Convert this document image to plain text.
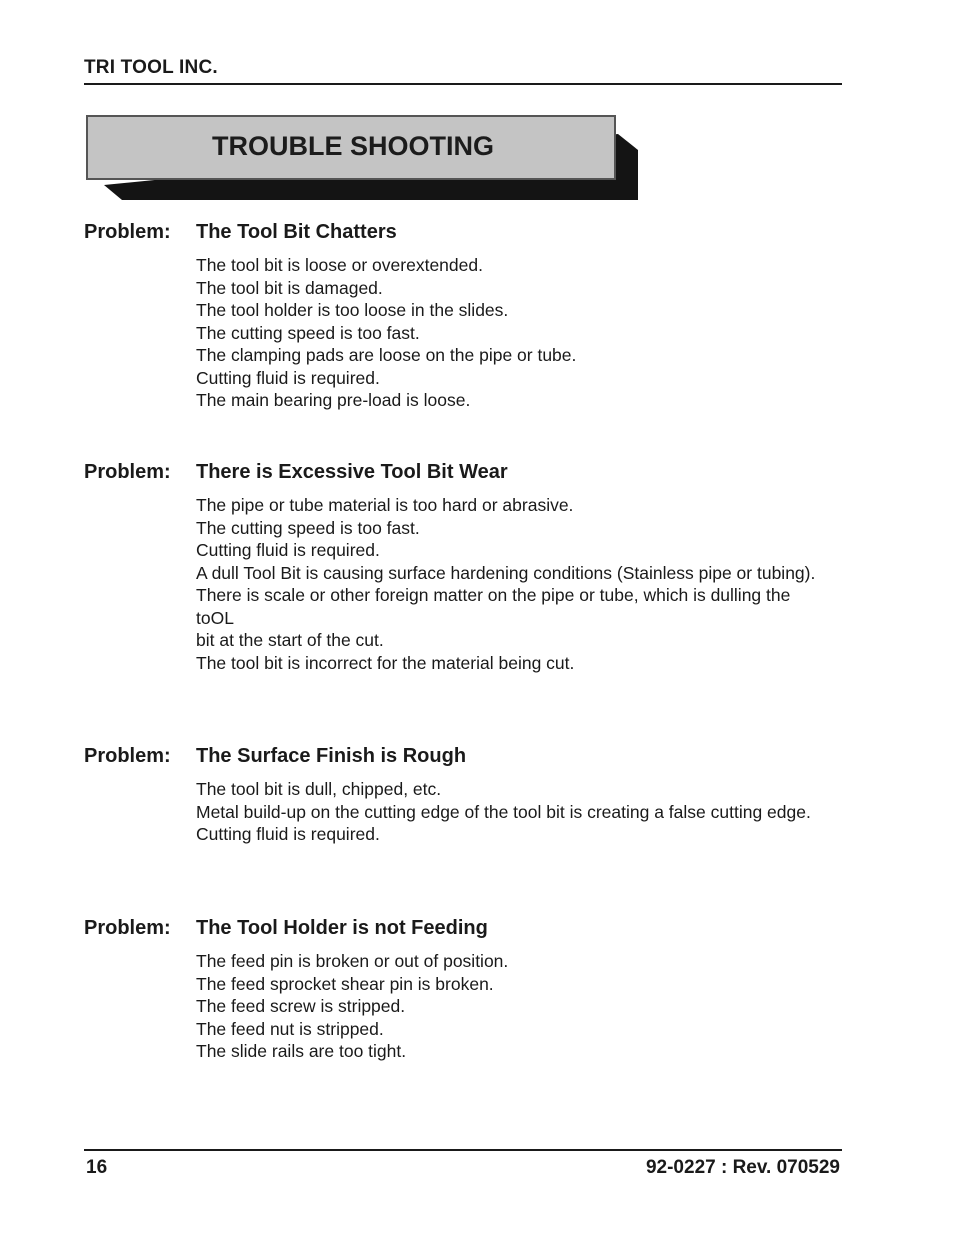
TRI TOOL INC.
TROUBLE SHOOTING
Problem: The Tool Bit Chatters
The tool bit is loose or overextended.
The tool bit is damaged.
The tool holder is too loose in the slides.
The cutting speed is too fast.
The clamping pads are loose on the pipe or tube.
Cutting fluid is required.
The main bearing pre-load is loose.
Problem: There is Excessive Tool Bit Wear
The pipe or tube material is too hard or abrasive.
The cutting speed is too fast.
Cutting fluid is required.
A dull Tool Bit is causing surface hardening conditions (Stainless pipe or tubing).
There is scale or other foreign matter on the pipe or tube, which is dulling the toOL
bit at the start of the cut.
The tool bit is incorrect for the material being cut.
Problem: The Surface Finish is Rough
The tool bit is dull, chipped, etc.
Metal build-up on the cutting edge of the tool bit is creating a false cutting edge.
Cutting fluid is required.
Problem: The Tool Holder is not Feeding
The feed pin is broken or out of position.
The feed sprocket shear pin is broken.
The feed screw is stripped.
The feed nut is stripped.
The slide rails are too tight.
16	92-0227 : Rev. 070529
